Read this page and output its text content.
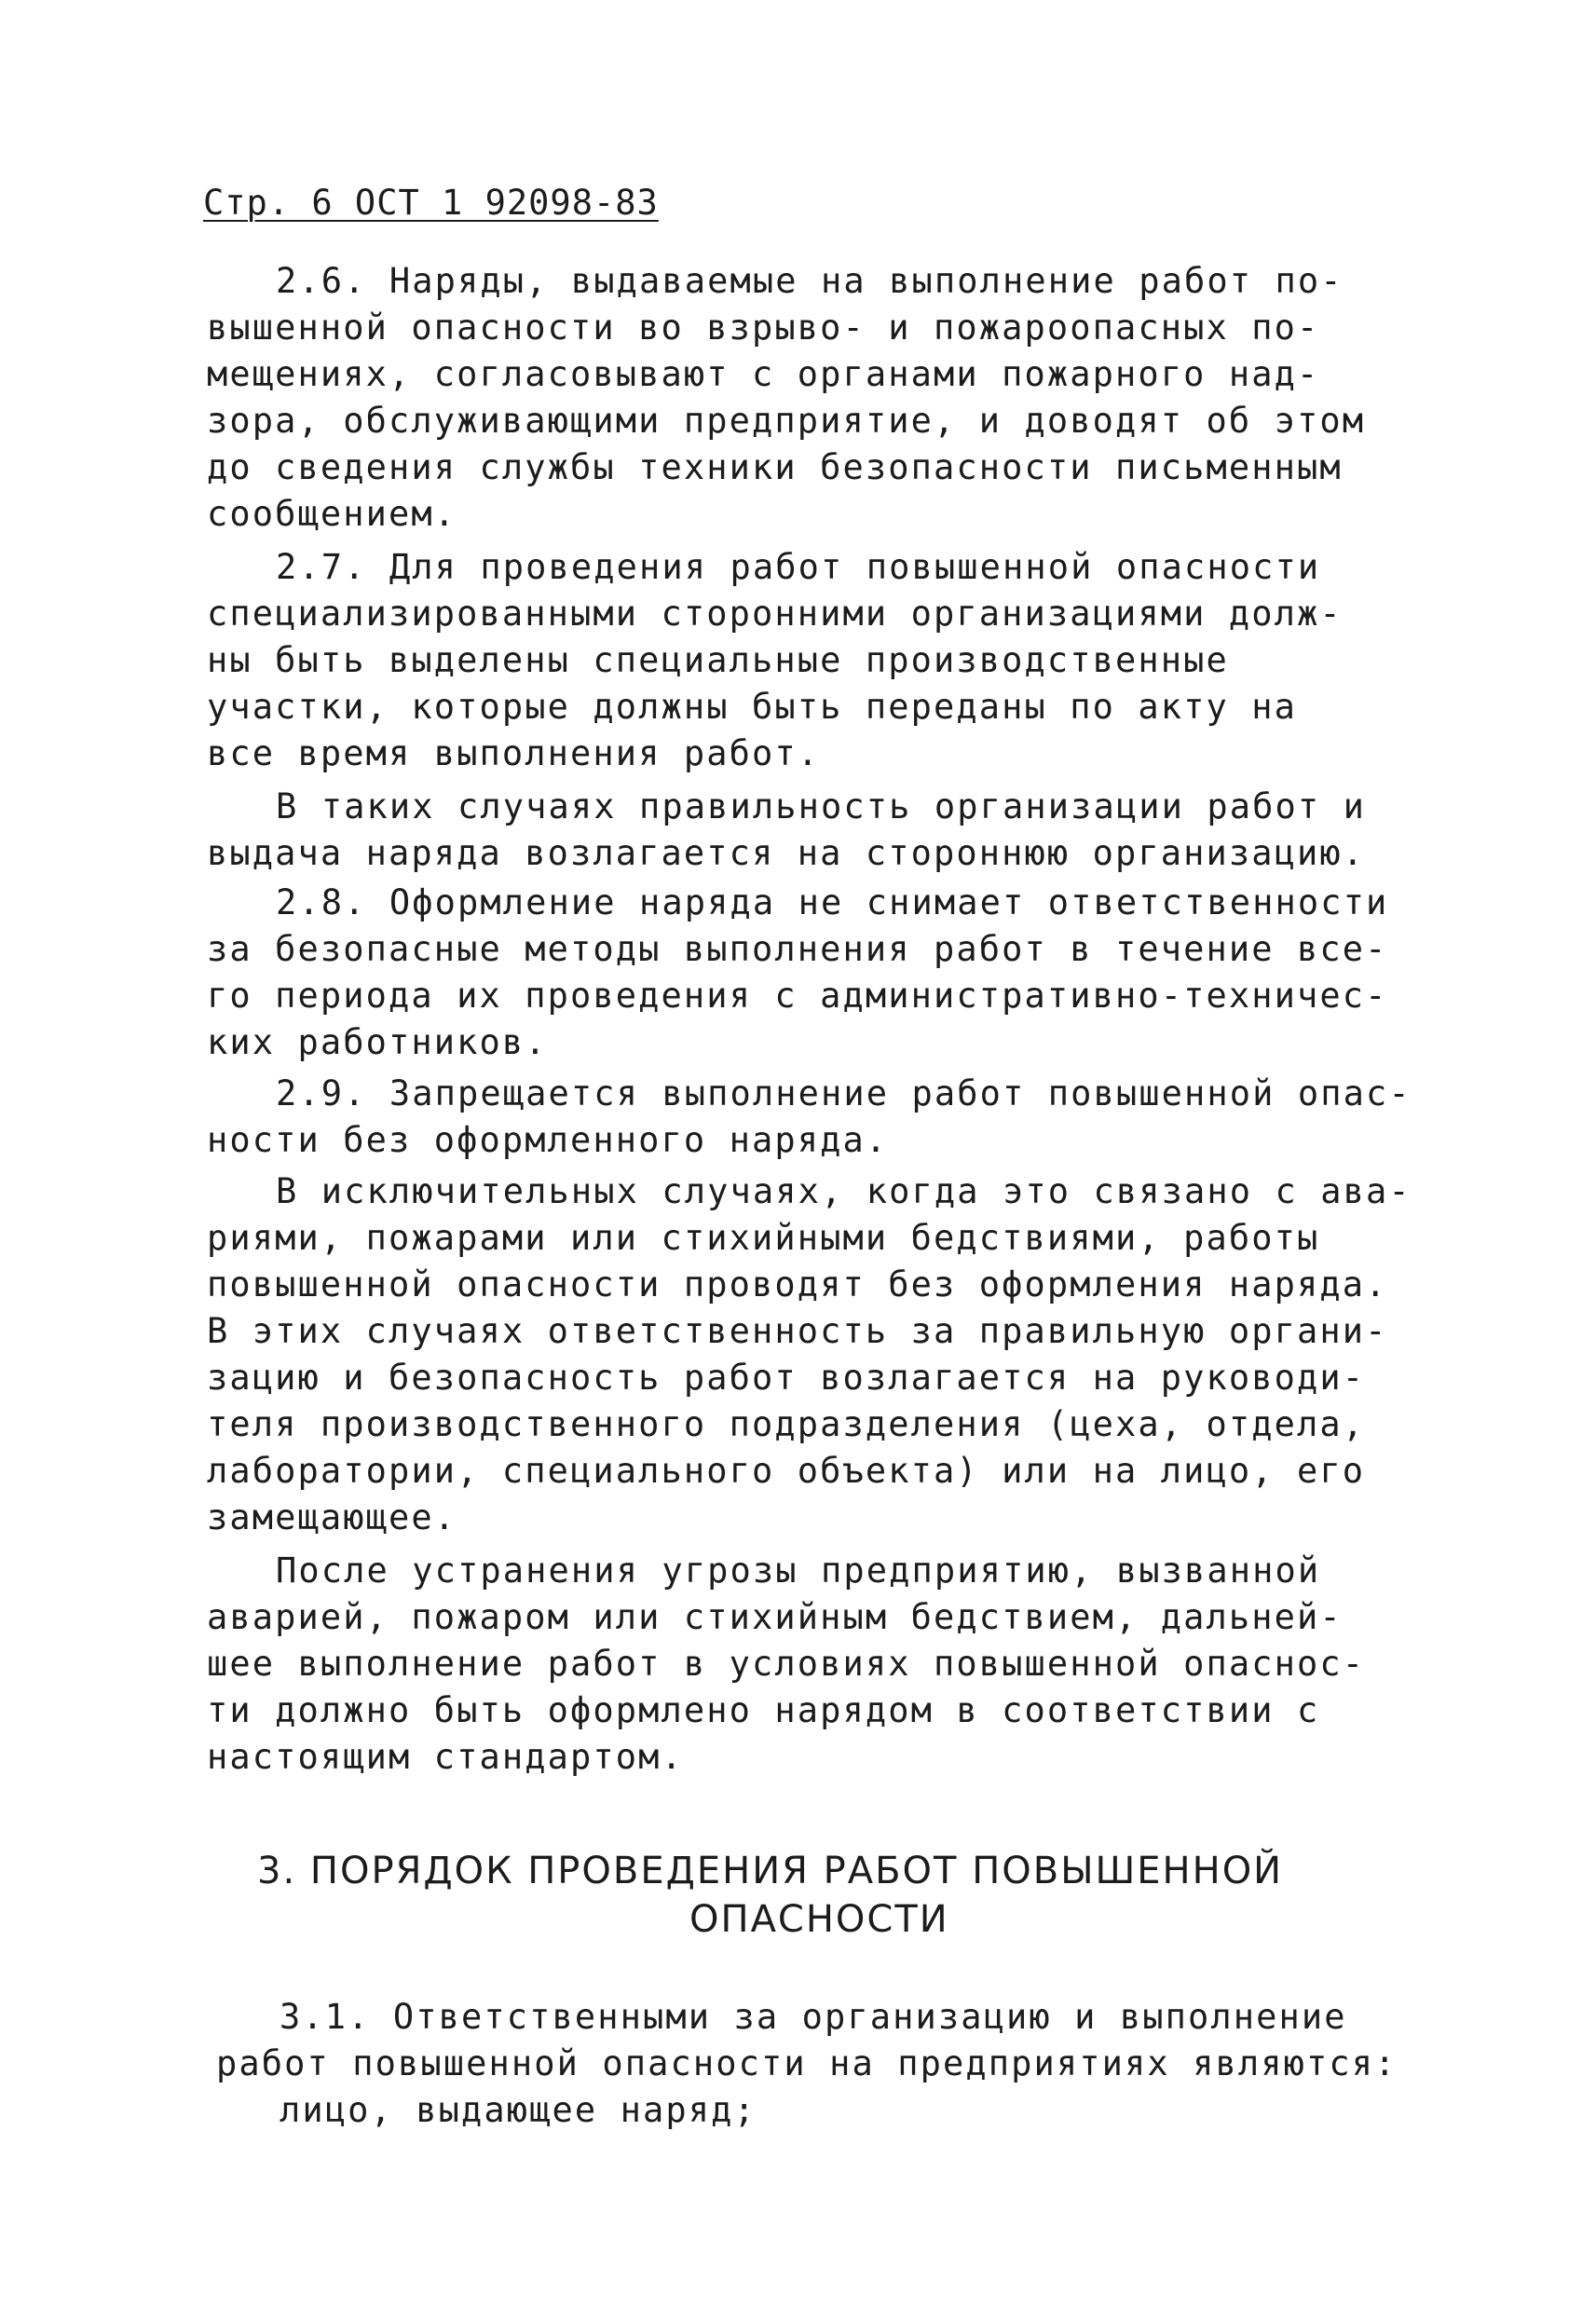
Стр. 6 ОСТ 1 92098-83
2.6. Наряды, выдаваемые на выполнение работ по-
вышенной опасности во взрыво- и пожароопасных по-
мещениях, согласовывают с органами пожарного над-
зора, обслуживающими предприятие, и доводят об этом
до сведения службы техники безопасности письменным
сообщением.
2.7. Для проведения работ повышенной опасности
специализированными сторонними организациями долж-
ны быть выделены специальные производственные
участки, которые должны быть переданы по акту на
все время выполнения работ.
В таких случаях правильность организации работ и
выдача наряда возлагается на стороннюю организацию.
2.8. Оформление наряда не снимает ответственности
за безопасные методы выполнения работ в течение все-
го периода их проведения с административно-техничес-
ких работников.
2.9. Запрещается выполнение работ повышенной опас-
ности без оформленного наряда.
В исключительных случаях, когда это связано с ава-
риями, пожарами или стихийными бедствиями, работы
повышенной опасности проводят без оформления наряда.
В этих случаях ответственность за правильную органи-
зацию и безопасность работ возлагается на руководи-
теля производственного подразделения (цеха, отдела,
лаборатории, специального объекта) или на лицо, его
замещающее.
После устранения угрозы предприятию, вызванной
аварией, пожаром или стихийным бедствием, дальней-
шее выполнение работ в условиях повышенной опаснос-
ти должно быть оформлено нарядом в соответствии с
настоящим стандартом.
3. ПОРЯДОК ПРОВЕДЕНИЯ РАБОТ ПОВЫШЕННОЙ
ОПАСНОСТИ
3.1. Ответственными за организацию и выполнение
работ повышенной опасности на предприятиях являются:
лицо, выдающее наряд;
